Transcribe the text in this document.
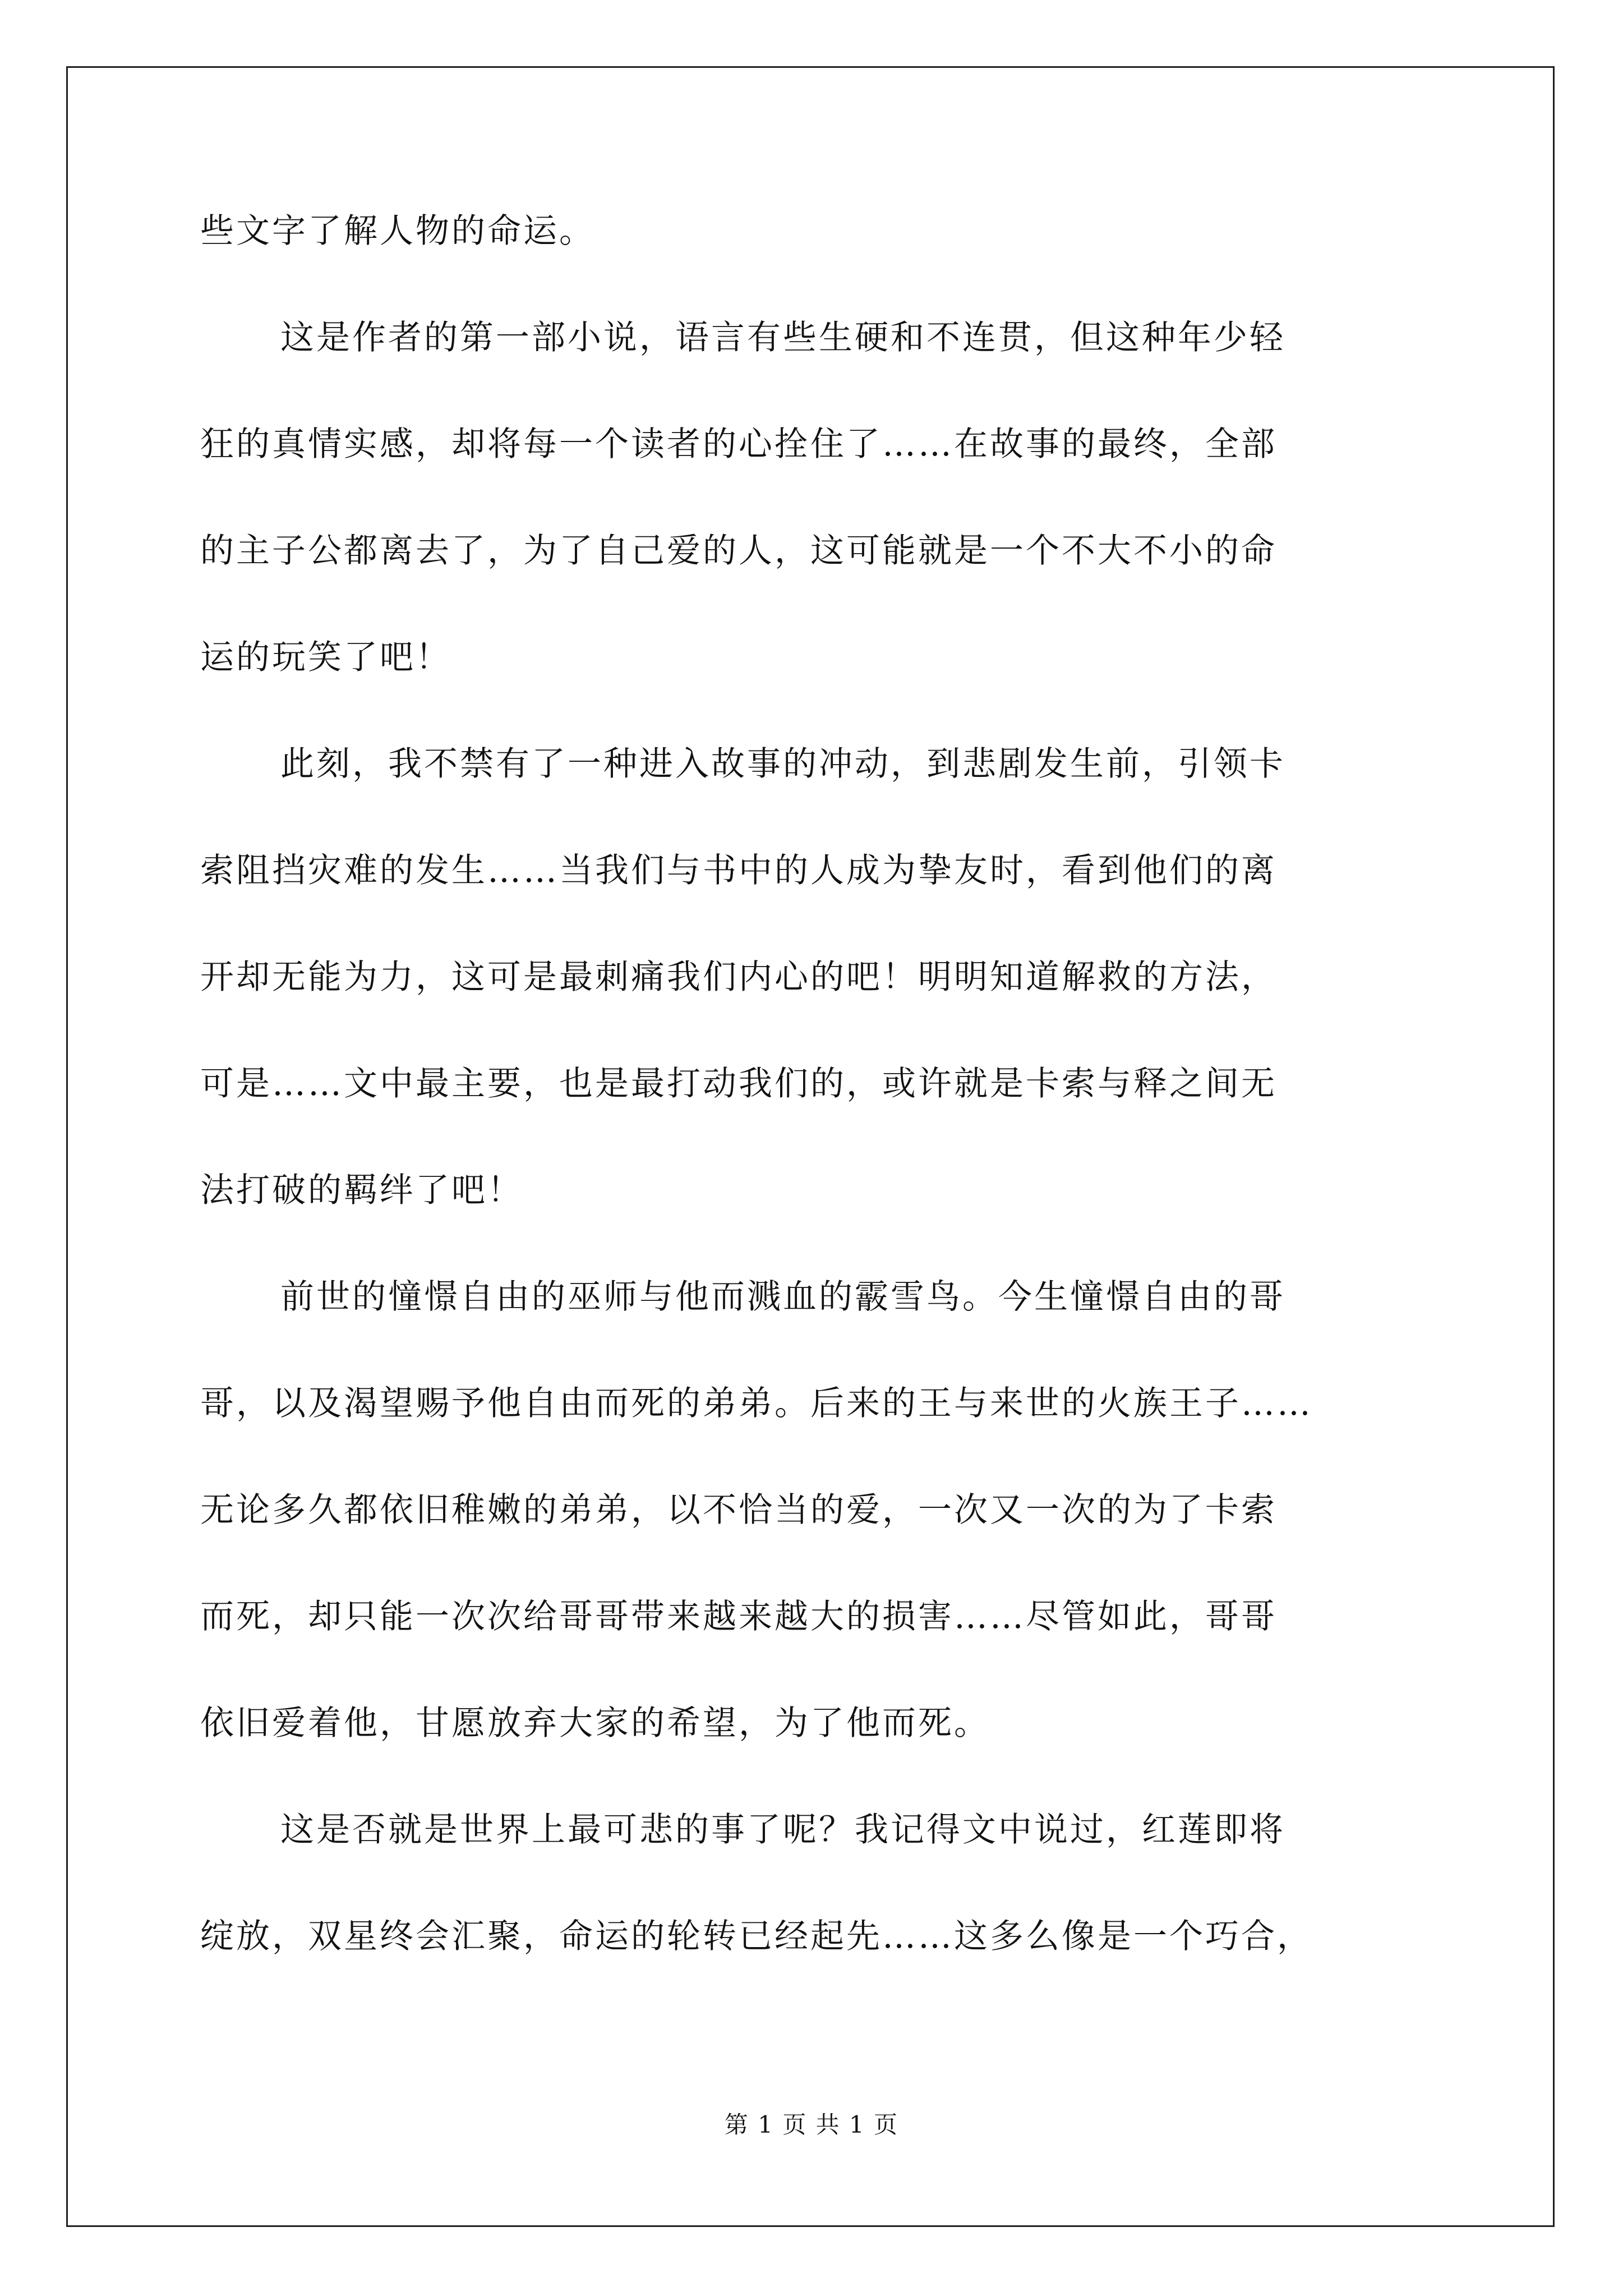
些文字了解人物的命运。
这是作者的第一部小说，语言有些生硬和不连贯，但这种年少轻
狂的真情实感，却将每一个读者的心拴住了……在故事的最终，全部
的主子公都离去了，为了自己爱的人，这可能就是一个不大不小的命
运的玩笑了吧！
此刻，我不禁有了一种进入故事的冲动，到悲剧发生前，引领卡
索阻挡灾难的发生……当我们与书中的人成为挚友时，看到他们的离
开却无能为力，这可是最刺痛我们内心的吧！明明知道解救的方法，
可是……文中最主要，也是最打动我们的，或许就是卡索与释之间无
法打破的羁绊了吧！
前世的憧憬自由的巫师与他而溅血的霰雪鸟。今生憧憬自由的哥
哥，以及渴望赐予他自由而死的弟弟。后来的王与来世的火族王子……
无论多久都依旧稚嫩的弟弟，以不恰当的爱，一次又一次的为了卡索
而死，却只能一次次给哥哥带来越来越大的损害……尽管如此，哥哥
依旧爱着他，甘愿放弃大家的希望，为了他而死。
这是否就是世界上最可悲的事了呢？我记得文中说过，红莲即将
绽放，双星终会汇聚，命运的轮转已经起先……这多么像是一个巧合，
第 1 页 共 1 页
